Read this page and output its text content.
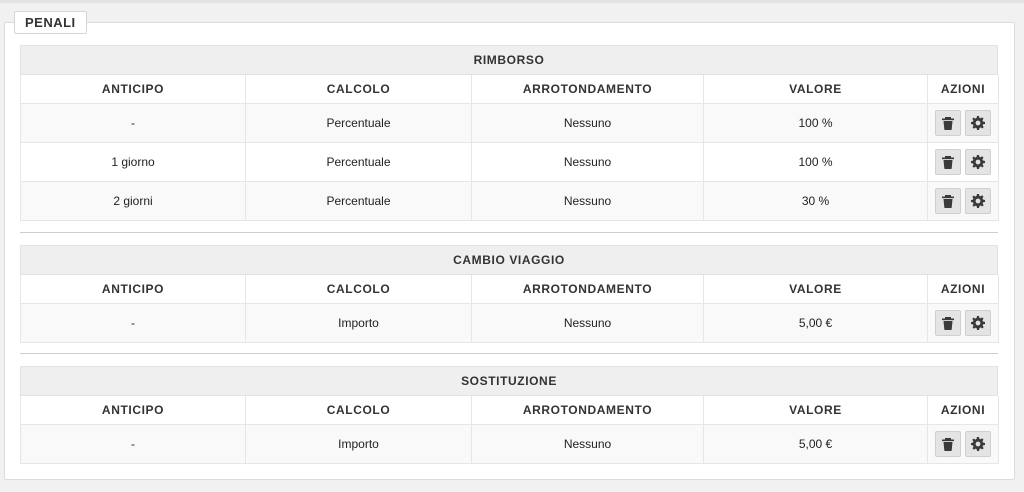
PENALI
RIMBORSO
ANTICIPO	CALCOLO	ARROTONDAMENTO	VALORE	AZIONI
-	Percentuale	Nessuno	100 %	

1 giorno	Percentuale	Nessuno	100 %	

2 giorni	Percentuale	Nessuno	30 %	
CAMBIO VIAGGIO
ANTICIPO	CALCOLO	ARROTONDAMENTO	VALORE	AZIONI
-	Importo	Nessuno	5,00 €	
SOSTITUZIONE
ANTICIPO	CALCOLO	ARROTONDAMENTO	VALORE	AZIONI
-	Importo	Nessuno	5,00 €	
